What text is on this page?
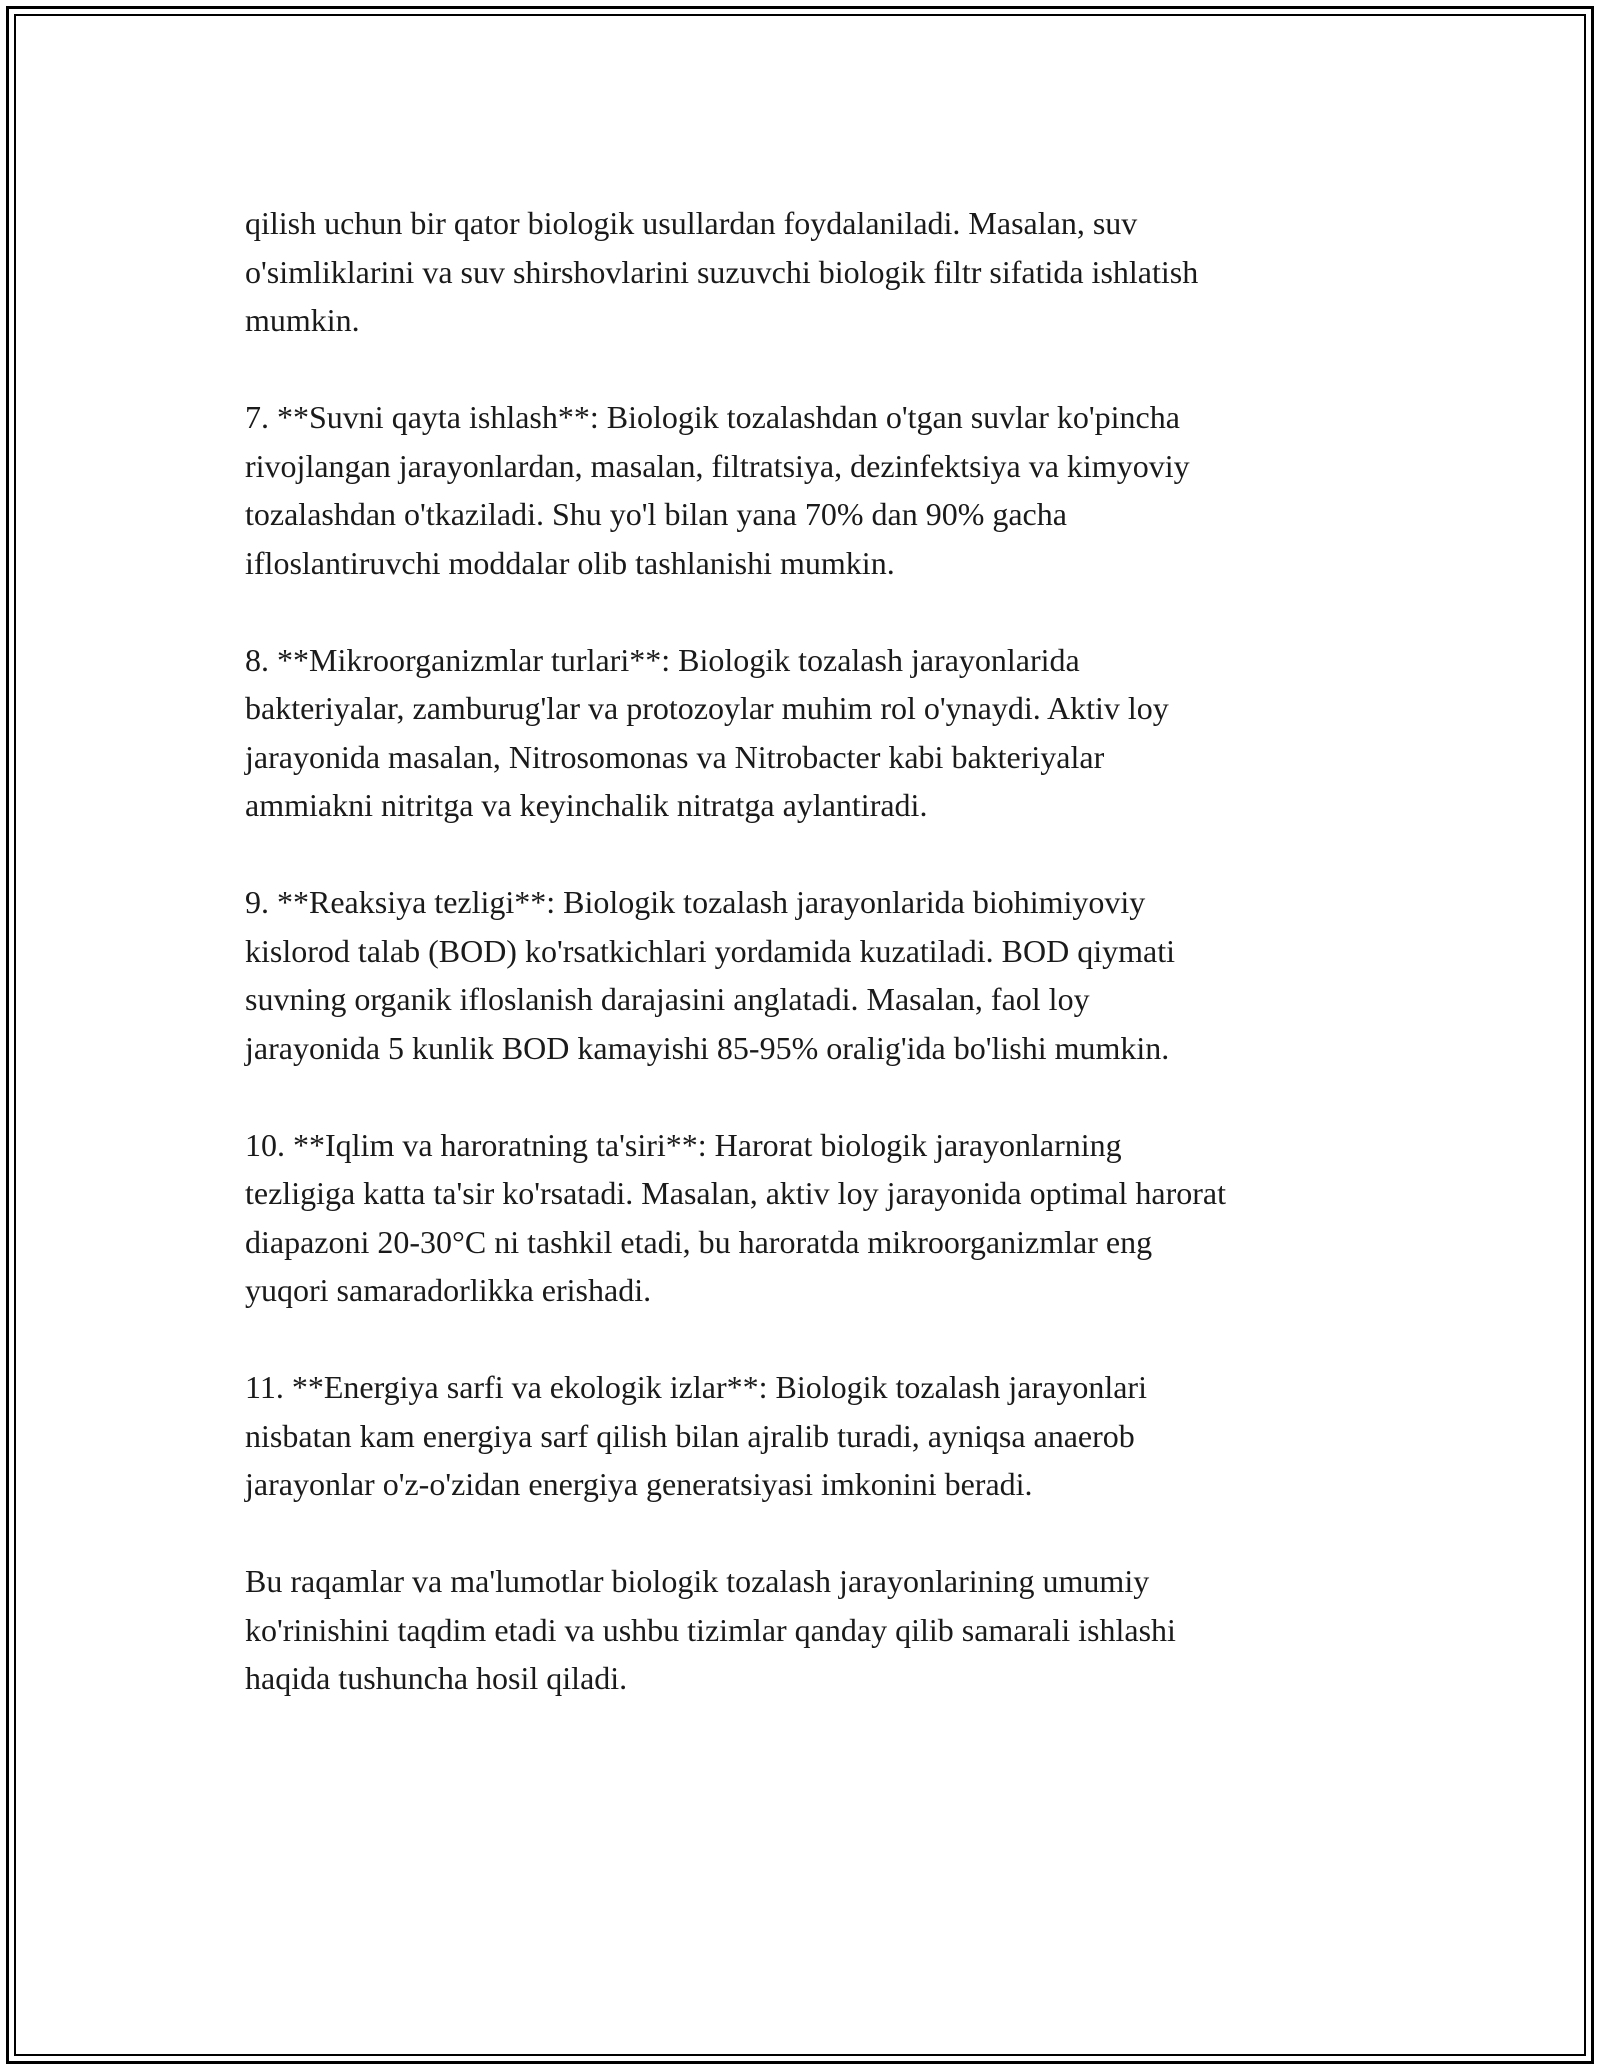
qilish uchun bir qator biologik usullardan foydalaniladi. Masalan, suv
o'simliklarini va suv shirshovlarini suzuvchi biologik filtr sifatida ishlatish
mumkin.

7. **Suvni qayta ishlash**: Biologik tozalashdan o'tgan suvlar ko'pincha
rivojlangan jarayonlardan, masalan, filtratsiya, dezinfektsiya va kimyoviy
tozalashdan o'tkaziladi. Shu yo'l bilan yana 70% dan 90% gacha
ifloslantiruvchi moddalar olib tashlanishi mumkin.

8. **Mikroorganizmlar turlari**: Biologik tozalash jarayonlarida
bakteriyalar, zamburug'lar va protozoylar muhim rol o'ynaydi. Aktiv loy
jarayonida masalan, Nitrosomonas va Nitrobacter kabi bakteriyalar
ammiakni nitritga va keyinchalik nitratga aylantiradi.

9. **Reaksiya tezligi**: Biologik tozalash jarayonlarida biohimiyoviy
kislorod talab (BOD) ko'rsatkichlari yordamida kuzatiladi. BOD qiymati
suvning organik ifloslanish darajasini anglatadi. Masalan, faol loy
jarayonida 5 kunlik BOD kamayishi 85-95% oralig'ida bo'lishi mumkin.

10. **Iqlim va haroratning ta'siri**: Harorat biologik jarayonlarning
tezligiga katta ta'sir ko'rsatadi. Masalan, aktiv loy jarayonida optimal harorat
diapazoni 20-30°C ni tashkil etadi, bu haroratda mikroorganizmlar eng
yuqori samaradorlikka erishadi.

11. **Energiya sarfi va ekologik izlar**: Biologik tozalash jarayonlari
nisbatan kam energiya sarf qilish bilan ajralib turadi, ayniqsa anaerob
jarayonlar o'z-o'zidan energiya generatsiyasi imkonini beradi.

Bu raqamlar va ma'lumotlar biologik tozalash jarayonlarining umumiy
ko'rinishini taqdim etadi va ushbu tizimlar qanday qilib samarali ishlashi
haqida tushuncha hosil qiladi.
